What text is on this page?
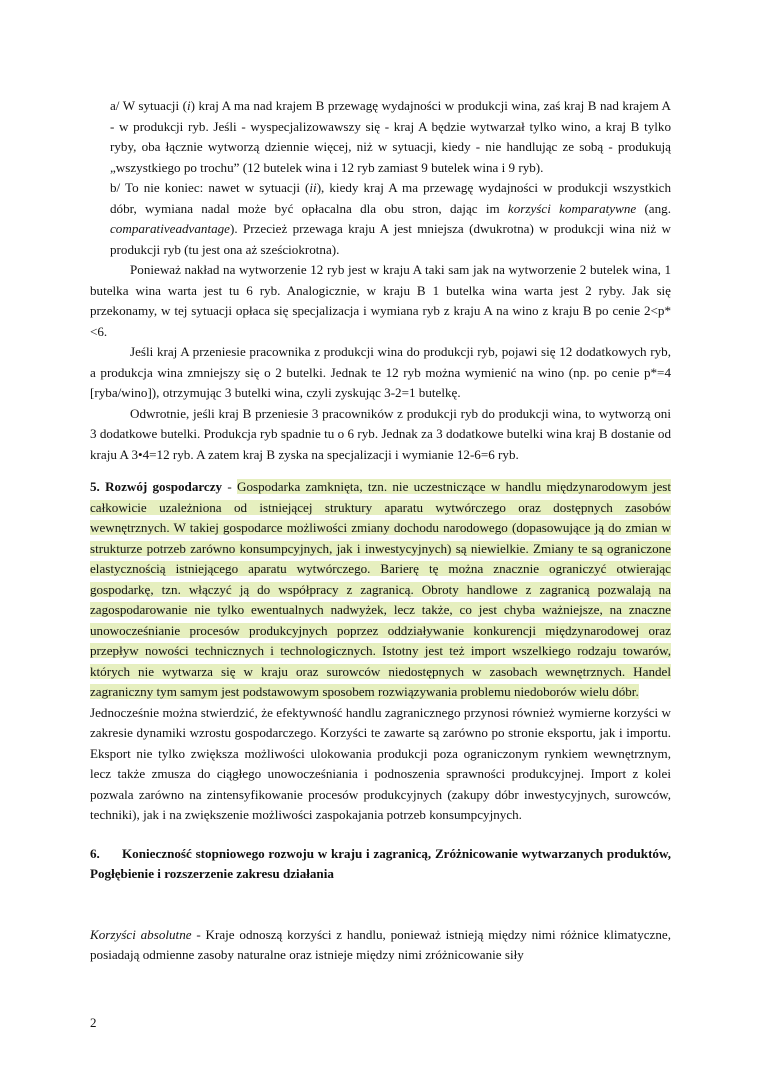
a/ W sytuacji (i) kraj A ma nad krajem B przewagę wydajności w produkcji wina, zaś kraj B nad krajem A - w produkcji ryb. Jeśli - wyspecjalizowawszy się - kraj A będzie wytwarzał tylko wino, a kraj B tylko ryby, oba łącznie wytworzą dziennie więcej, niż w sytuacji, kiedy - nie handlując ze sobą - produkują „wszystkiego po trochu” (12 butelek wina i 12 ryb zamiast 9 butelek wina i 9 ryb).

b/ To nie koniec: nawet w sytuacji (ii), kiedy kraj A ma przewagę wydajności w produkcji wszystkich dóbr, wymiana nadal może być opłacalna dla obu stron, dając im korzyści komparatywne (ang. comparativeadvantage). Przecież przewaga kraju A jest mniejsza (dwukrotna) w produkcji wina niż w produkcji ryb (tu jest ona aż sześciokrotna).

Ponieważ nakład na wytworzenie 12 ryb jest w kraju A taki sam jak na wytworzenie 2 butelek wina, 1 butelka wina warta jest tu 6 ryb. Analogicznie, w kraju B 1 butelka wina warta jest 2 ryby. Jak się przekonamy, w tej sytuacji opłaca się specjalizacja i wymiana ryb z kraju A na wino z kraju B po cenie 2<p*<6.

Jeśli kraj A przeniesie pracownika z produkcji wina do produkcji ryb, pojawi się 12 dodatkowych ryb, a produkcja wina zmniejszy się o 2 butelki. Jednak te 12 ryb można wymienić na wino (np. po cenie p*=4 [ryba/wino]), otrzymując 3 butelki wina, czyli zyskując 3-2=1 butelkę.

Odwrotnie, jeśli kraj B przeniesie 3 pracowników z produkcji ryb do produkcji wina, to wytworzą oni 3 dodatkowe butelki. Produkcja ryb spadnie tu o 6 ryb. Jednak za 3 dodatkowe butelki wina kraj B dostanie od kraju A 3•4=12 ryb. A zatem kraj B zyska na specjalizacji i wymianie 12-6=6 ryb.

5. Rozwój gospodarczy - Gospodarka zamknięta, tzn. nie uczestniczące w handlu międzynarodowym jest całkowicie uzależniona od istniejącej struktury aparatu wytwórczego oraz dostępnych zasobów wewnętrznych. W takiej gospodarce możliwości zmiany dochodu narodowego (dopasowujące ją do zmian w strukturze potrzeb zarówno konsumpcyjnych, jak i inwestycyjnych) są niewielkie. Zmiany te są ograniczone elastycznością istniejącego aparatu wytwórczego. Barierę tę można znacznie ograniczyć otwierając gospodarkę, tzn. włączyć ją do współpracy z zagranicą. Obroty handlowe z zagranicą pozwalają na zagospodarowanie nie tylko ewentualnych nadwyżek, lecz także, co jest chyba ważniejsze, na znaczne unowocześnianie procesów produkcyjnych poprzez oddziaływanie konkurencji międzynarodowej oraz przepływ nowości technicznych i technologicznych. Istotny jest też import wszelkiego rodzaju towarów, których nie wytwarza się w kraju oraz surowców niedostępnych w zasobach wewnętrznych. Handel zagraniczny tym samym jest podstawowym sposobem rozwiązywania problemu niedoborów wielu dóbr.

Jednocześnie można stwierdzić, że efektywność handlu zagranicznego przynosi również wymierne korzyści w zakresie dynamiki wzrostu gospodarczego. Korzyści te zawarte są zarówno po stronie eksportu, jak i importu. Eksport nie tylko zwiększa możliwości ulokowania produkcji poza ograniczonym rynkiem wewnętrznym, lecz także zmusza do ciągłego unowocześniania i podnoszenia sprawności produkcyjnej. Import z kolei pozwala zarówno na zintensyfikowanie procesów produkcyjnych (zakupy dóbr inwestycyjnych, surowców, techniki), jak i na zwiększenie możliwości zaspokajania potrzeb konsumpcyjnych.

6. Konieczność stopniowego rozwoju w kraju i zagranicą, Zróżnicowanie wytwarzanych produktów, Pogłębienie i rozszerzenie zakresu działania

Korzyści absolutne - Kraje odnoszą korzyści z handlu, ponieważ istnieją między nimi różnice klimatyczne, posiadają odmienne zasoby naturalne oraz istnieje między nimi zróżnicowanie siły

2
